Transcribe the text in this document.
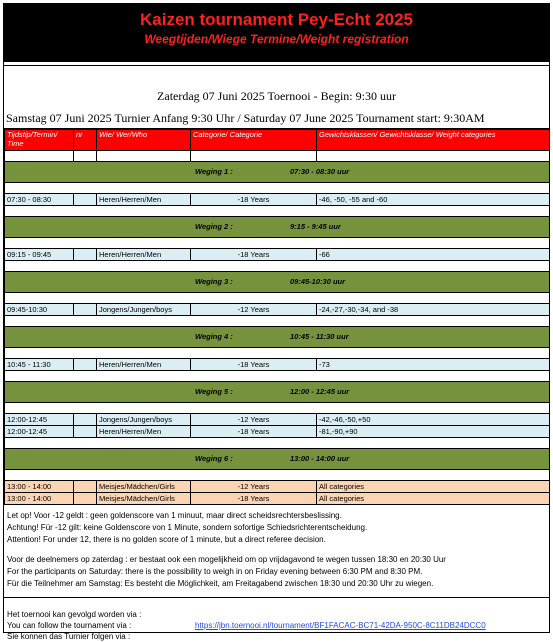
Kaizen tournament Pey-Echt 2025
Weegtijden/Wiege Termine/Weight registration
Zaterdag 07 Juni 2025 Toernooi - Begin: 9:30 uur
Samstag 07 Juni 2025 Turnier Anfang 9:30 Uhr / Saturday 07 June 2025 Tournament start: 9:30AM
Tijdstip/Termin/ Time	nr	Wie/ Wer/Who	Categorie/ Categorie	Gewichtsklassen/ Gewichtsklasse/ Weight categories

Weging 1 : 07:30 - 08:30 uur				

07:30 - 08:30		Heren/Herren/Men	-18 Years	-46, -50, -55 and -60

Weging 2 : 9:15 - 9:45 uur				

09:15 - 09:45		Heren/Herren/Men	-18 Years	-66

Weging 3 : 09:45-10:30 uur				

09:45-10:30		Jongens/Jungen/boys	-12 Years	-24,-27,-30,-34, and -38

Weging 4 : 10:45 - 11:30 uur				

10:45 - 11:30		Heren/Herren/Men	-18 Years	-73

Weging 5 : 12:00 - 12:45 uur				

12:00-12:45		Jongens/Jungen/boys	-12 Years	-42,-46,-50,+50
12:00-12:45		Heren/Herren/Men	-18 Years	-81,-90,+90

Weging 6 : 13:00 - 14:00 uur				

13:00 - 14:00		Meisjes/Mädchen/Girls	-12 Years	All categories
13:00 - 14:00		Meisjes/Mädchen/Girls	-18 Years	All categories
Let op! Voor -12 geldt : geen goldenscore van 1 minuut, maar direct scheidsrechtersbeslissing.
Achtung! Für -12 gilt: keine Goldenscore von 1 Minute, sondern sofortige Schiedsrichterentscheidung.
Attention! For under 12, there is no golden score of 1 minute, but a direct referee decision.
Voor de deelnemers op zaterdag : er bestaat ook een mogelijkheid om op vrijdagavond te wegen tussen 18:30 en 20:30 Uur
For the participants on Saturday: there is the possibility to weigh in on Friday evening between 6:30 PM and 8:30 PM.
Für die Teilnehmer am Samstag: Es besteht die Möglichkeit, am Freitagabend zwischen 18:30 und 20:30 Uhr zu wiegen.
Het toernooi kan gevolgd worden via :
You can follow the tournament via :	https://jbn.toernooi.nl/tournament/BF1FACAC-BC71-42DA-950C-8C11DB24DCC0
Sie konnen das Turnier folgen via :
